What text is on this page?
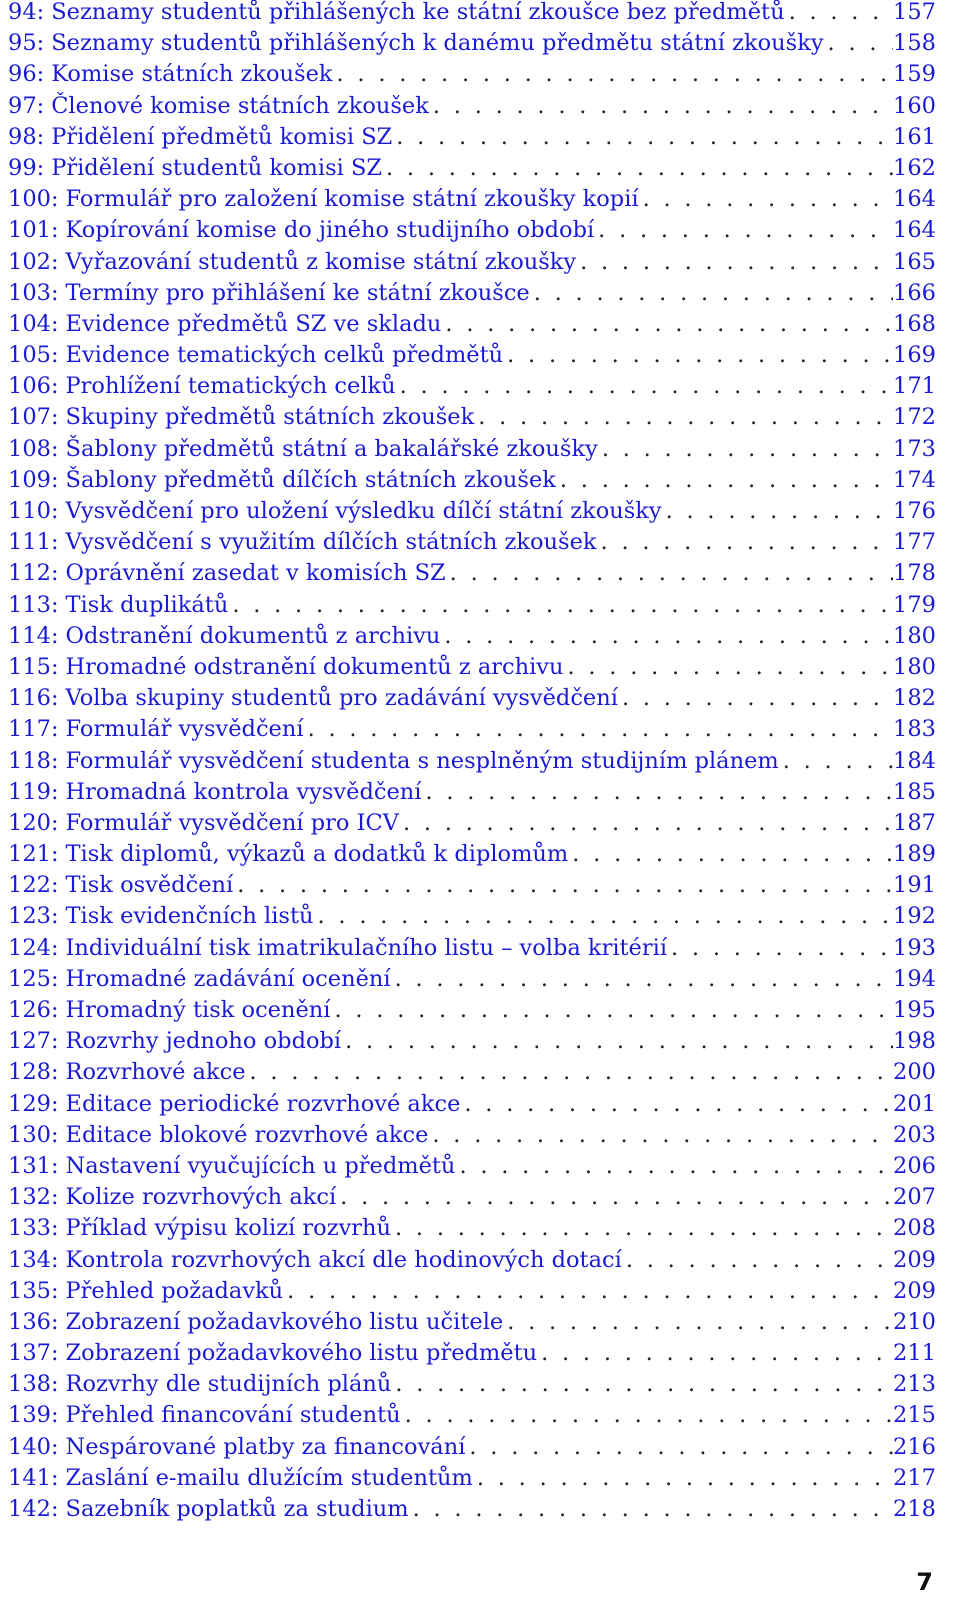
94: Seznamy studentů přihlášených ke státní zkoušce bez předmětů . . .	157
95: Seznamy studentů přihlášených k danému předmětu státní zkoušky . . .	158
96: Komise státních zkoušek . . .	159
97: Členové komise státních zkoušek . . .	160
98: Přidělení předmětů komisi SZ . . .	161
99: Přidělení studentů komisi SZ . . .	162
100: Formulář pro založení komise státní zkoušky kopií . . .	164
101: Kopírování komise do jiného studijního období . . .	164
102: Vyřazování studentů z komise státní zkoušky . . .	165
103: Termíny pro přihlášení ke státní zkoušce . . .	166
104: Evidence předmětů SZ ve skladu . . .	168
105: Evidence tematických celků předmětů . . .	169
106: Prohlížení tematických celků . . .	171
107: Skupiny předmětů státních zkoušek . . .	172
108: Šablony předmětů státní a bakalářské zkoušky . . .	173
109: Šablony předmětů dílčích státních zkoušek . . .	174
110: Vysvědčení pro uložení výsledku dílčí státní zkoušky . . .	176
111: Vysvědčení s využitím dílčích státních zkoušek . . .	177
112: Oprávnění zasedat v komisích SZ . . .	178
113: Tisk duplikátů . . .	179
114: Odstranění dokumentů z archivu . . .	180
115: Hromadné odstranění dokumentů z archivu . . .	180
116: Volba skupiny studentů pro zadávání vysvědčení . . .	182
117: Formulář vysvědčení . . .	183
118: Formulář vysvědčení studenta s nesplněným studijním plánem . . .	184
119: Hromadná kontrola vysvědčení . . .	185
120: Formulář vysvědčení pro ICV . . .	187
121: Tisk diplomů, výkazů a dodatků k diplomům . . .	189
122: Tisk osvědčení . . .	191
123: Tisk evidenčních listů . . .	192
124: Individuální tisk imatrikulačního listu – volba kritérií . . .	193
125: Hromadné zadávání ocenění . . .	194
126: Hromadný tisk ocenění . . .	195
127: Rozvrhy jednoho období . . .	198
128: Rozvrhové akce . . .	200
129: Editace periodické rozvrhové akce . . .	201
130: Editace blokové rozvrhové akce . . .	203
131: Nastavení vyučujících u předmětů . . .	206
132: Kolize rozvrhových akcí . . .	207
133: Příklad výpisu kolizí rozvrhů . . .	208
134: Kontrola rozvrhových akcí dle hodinových dotací . . .	209
135: Přehled požadavků . . .	209
136: Zobrazení požadavkového listu učitele . . .	210
137: Zobrazení požadavkového listu předmětu . . .	211
138: Rozvrhy dle studijních plánů . . .	213
139: Přehled financování studentů . . .	215
140: Nespárované platby za financování . . .	216
141: Zaslání e-mailu dlužícím studentům . . .	217
142: Sazebník poplatků za studium . . .	218
7
